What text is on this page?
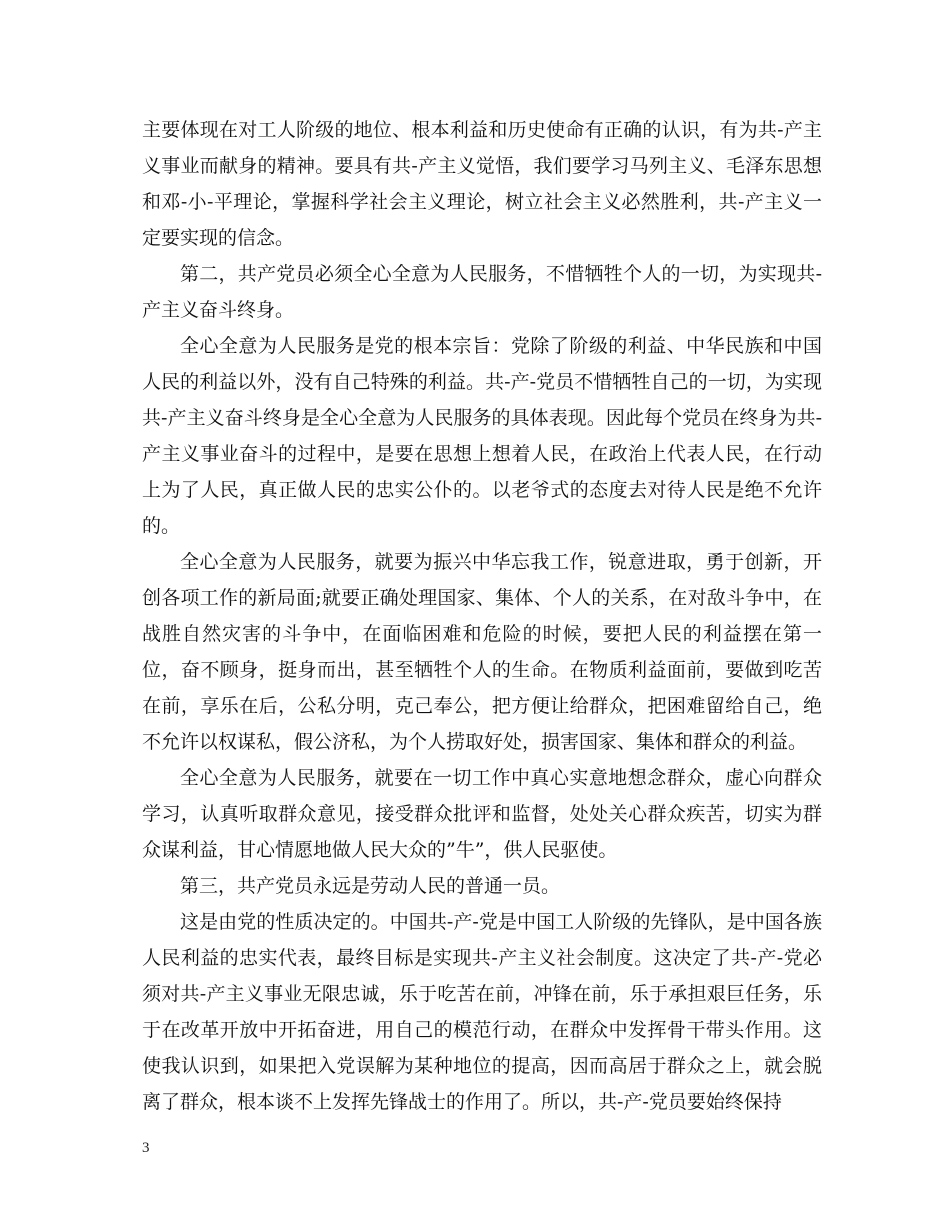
主要体现在对工人阶级的地位、根本利益和历史使命有正确的认识，有为共-产主义事业而献身的精神。要具有共-产主义觉悟，我们要学习马列主义、毛泽东思想和邓-小-平理论，掌握科学社会主义理论，树立社会主义必然胜利，共-产主义一定要实现的信念。

第二，共产党员必须全心全意为人民服务，不惜牺牲个人的一切，为实现共-产主义奋斗终身。

全心全意为人民服务是党的根本宗旨：党除了阶级的利益、中华民族和中国人民的利益以外，没有自己特殊的利益。共-产-党员不惜牺牲自己的一切，为实现共-产主义奋斗终身是全心全意为人民服务的具体表现。因此每个党员在终身为共-产主义事业奋斗的过程中，是要在思想上想着人民，在政治上代表人民，在行动上为了人民，真正做人民的忠实公仆的。以老爷式的态度去对待人民是绝不允许的。

全心全意为人民服务，就要为振兴中华忘我工作，锐意进取，勇于创新，开创各项工作的新局面;就要正确处理国家、集体、个人的关系，在对敌斗争中，在战胜自然灾害的斗争中，在面临困难和危险的时候，要把人民的利益摆在第一位，奋不顾身，挺身而出，甚至牺牲个人的生命。在物质利益面前，要做到吃苦在前，享乐在后，公私分明，克己奉公，把方便让给群众，把困难留给自己，绝不允许以权谋私，假公济私，为个人捞取好处，损害国家、集体和群众的利益。

全心全意为人民服务，就要在一切工作中真心实意地想念群众，虚心向群众学习，认真听取群众意见，接受群众批评和监督，处处关心群众疾苦，切实为群众谋利益，甘心情愿地做人民大众的”牛”，供人民驱使。

第三，共产党员永远是劳动人民的普通一员。

这是由党的性质决定的。中国共-产-党是中国工人阶级的先锋队，是中国各族人民利益的忠实代表，最终目标是实现共-产主义社会制度。这决定了共-产-党必须对共-产主义事业无限忠诚，乐于吃苦在前，冲锋在前，乐于承担艰巨任务，乐于在改革开放中开拓奋进，用自己的模范行动，在群众中发挥骨干带头作用。这使我认识到，如果把入党误解为某种地位的提高，因而高居于群众之上，就会脱离了群众，根本谈不上发挥先锋战士的作用了。所以，共-产-党员要始终保持

3
